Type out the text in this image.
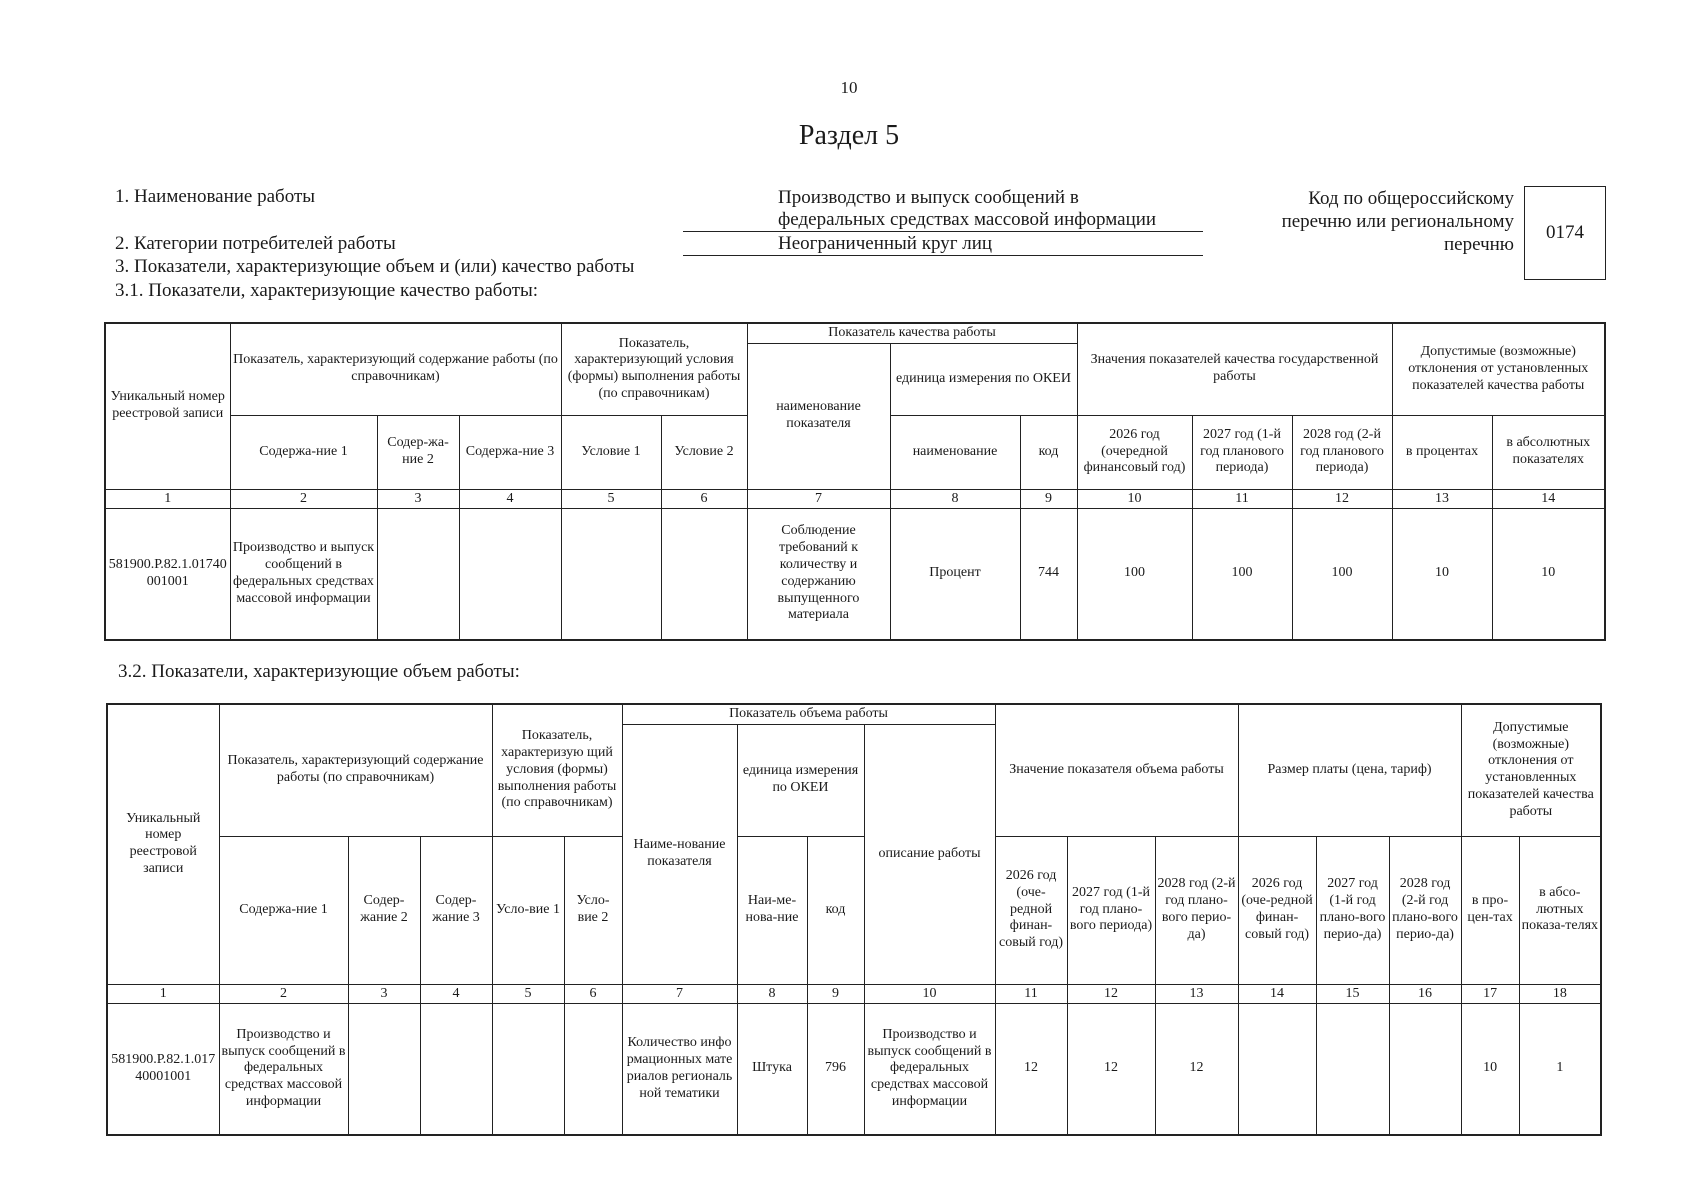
10
Раздел 5
1. Наименование работы	Производство и выпуск сообщений в
федеральных средствах массовой информации
2. Категории потребителей работы	Неограниченный круг лиц
3. Показатели, характеризующие объем и (или) качество работы
3.1. Показатели, характеризующие качество работы:
Код по общероссийскому
перечню или региональному
перечню
0174
Уникальный номер реестровой записи	Показатель, характеризующий содержание работы (по справочникам)			Показатель, характеризующий условия (формы) выполнения работы (по справочникам)		Показатель качества работы			Значения показателей качества государственной работы			Допустимые (возможные) отклонения от установленных показателей качества работы	
						наименование показателя	единица измерения по ОКЕИ						
	Содержа-ние 1	Содер-жа-ние 2	Содержа-ние 3	Условие 1	Условие 2		наименование	код	2026 год (очередной финансовый год)	2027 год (1-й год планового периода)	2028 год (2-й год планового периода)	в процентах	в абсолютных показателях
1	2	3	4	5	6	7	8	9	10	11	12	13	14
581900.Р.82.1.01740001001	Производство и выпуск сообщений в федеральных средствах массовой информации					Соблюдение требований к количеству и содержанию выпущенного материала	Процент	744	100	100	100	10	10
3.2. Показатели, характеризующие объем работы:
Уникальный номер реестровой записи	Показатель, характеризующий содержание работы (по справочникам)			Показатель, характеризую щий условия (формы) выполнения работы (по справочникам)		Показатель объема работы				Значение показателя объема работы			Размер платы (цена, тариф)			Допустимые (возможные) отклонения от установленных показателей качества работы	
						Наиме-нование показателя	единица измерения по ОКЕИ		описание работы								
	Содержа-ние 1	Содер-жание 2	Содер-жание 3	Усло-вие 1	Усло-вие 2		Наи-ме-нова-ние	код		2026 год (оче-редной финан-совый год)	2027 год (1-й год плано-вого периода)	2028 год (2-й год плано-вого перио-да)	2026 год (оче-редной финан-совый год)	2027 год (1-й год плано-вого перио-да)	2028 год (2-й год плано-вого перио-да)	в про-цен-тах	в абсо-лютных показа-телях
1	2	3	4	5	6	7	8	9	10	11	12	13	14	15	16	17	18
581900.Р.82.1.01740001001	Производство и выпуск сообщений в федеральных средствах массовой информации					Количество информационных материалов региональной тематики	Штука	796	Производство и выпуск сообщений в федеральных средствах массовой информации	12	12	12				10	1
